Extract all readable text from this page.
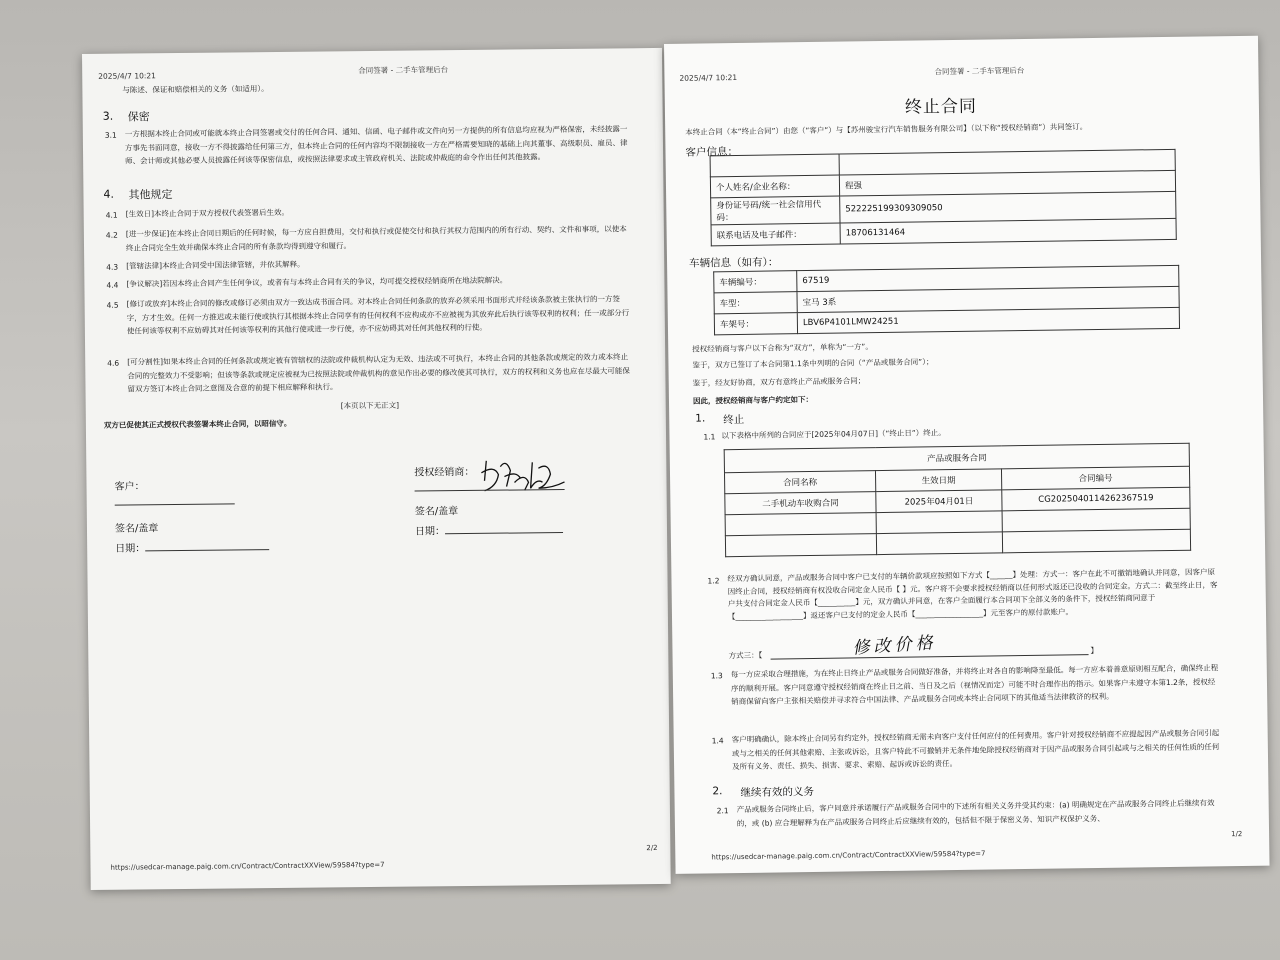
2025/4/7 10:21
合同签署 - 二手车管理后台
与陈述、保证和赔偿相关的义务（如适用）。
3. 保密
3.1 一方根据本终止合同或可能就本终止合同签署或交付的任何合同、通知、信函、电子邮件或文件向另一方提供的所有信息均应视为严格保密，未经披露一方事先书面同意，接收一方不得披露给任何第三方，但本终止合同的任何内容均不限制接收一方在严格需要知晓的基础上向其董事、高级职员、雇员、律师、会计师或其他必要人员披露任何该等保密信息，或按照法律要求或主管政府机关、法院或仲裁庭的命令作出任何其他披露。
4. 其他规定
4.1 [生效日]本终止合同于双方授权代表签署后生效。
4.2 [进一步保证]在本终止合同日期后的任何时候，每一方应自担费用，交付和执行或促使交付和执行其权力范围内的所有行动、契约、文件和事项，以使本终止合同完全生效并确保本终止合同的所有条款均得到遵守和履行。
4.3 [管辖法律]本终止合同受中国法律管辖，并依其解释。
4.4 [争议解决]若因本终止合同产生任何争议，或者有与本终止合同有关的争议，均可提交授权经销商所在地法院解决。
4.5 [修订或放弃]本终止合同的修改或修订必须由双方一致达成书面合同。对本终止合同任何条款的放弃必须采用书面形式并经该条款被主张执行的一方签字，方才生效。任何一方推迟或未能行使或执行其根据本终止合同享有的任何权利不应构成亦不应被视为其放弃此后执行该等权利的权利；任一或部分行使任何该等权利不应妨碍其对任何该等权利的其他行使或进一步行使，亦不应妨碍其对任何其他权利的行使。
4.6 [可分割性]如果本终止合同的任何条款或规定被有管辖权的法院或仲裁机构认定为无效、违法或不可执行，本终止合同的其他条款或规定的效力或本终止合同的完整效力不受影响；但该等条款或规定应被视为已按照法院或仲裁机构的意见作出必要的修改使其可执行，双方的权利和义务也应在尽最大可能保留双方签订本终止合同之意图及合意的前提下相应解释和执行。
[本页以下无正文]
双方已促使其正式授权代表签署本终止合同，以昭信守。
客户：
签名/盖章
日期：
授权经销商：
签名/盖章
日期：
https://usedcar-manage.paig.com.cn/Contract/ContractXXView/59584?type=7
2/2
2025/4/7 10:21
合同签署 - 二手车管理后台
终止合同
本终止合同（本“终止合同”）由您（“客户”）与【苏州骏宝行汽车销售服务有限公司】（以下称“授权经销商”）共同签订。
客户信息：

个人姓名/企业名称：	程强
身份证号码/统一社会信用代码：	522225199309309050
联系电话及电子邮件：	18706131464
车辆信息（如有）：
车辆编号：	67519
车型：	宝马 3系
车架号：	LBV6P4101LMW24251
授权经销商与客户以下合称为“双方”，单称为“一方”。
鉴于，双方已签订了本合同第1.1条中列明的合同（“产品或服务合同”）；
鉴于，经友好协商，双方有意终止产品或服务合同；
因此，授权经销商与客户约定如下：
1. 终止
1.1 以下表格中所列的合同应于[2025年04月07日]（“终止日”）终止。
产品或服务合同		
合同名称	生效日期	合同编号
二手机动车收购合同	2025年04月01日	CG2025040114262367519

1.2 经双方确认同意，产品或服务合同中客户已支付的车辆价款项应按照如下方式【______】处理：方式一：客户在此不可撤销地确认并同意，因客户原因终止合同，授权经销商有权没收合同定金人民币【 】元。客户将不会要求授权经销商以任何形式返还已没收的合同定金。方式二：截至终止日，客户共支付合同定金人民币【__________】元，双方确认并同意，在客户全面履行本合同项下全部义务的条件下，授权经销商同意于【__________________】返还客户已支付的定金人民币【__________________】元至客户的原付款账户。
方式三：【	修改价格	】
1.3 每一方应采取合理措施，为在终止日终止产品或服务合同做好准备，并将终止对各自的影响降至最低。每一方应本着善意原则相互配合，确保终止程序的顺利开展。客户同意遵守授权经销商在终止日之前、当日及之后（视情况而定）可能不时合理作出的指示。如果客户未遵守本第1.2条，授权经销商保留向客户主张相关赔偿并寻求符合中国法律、产品或服务合同或本终止合同项下的其他适当法律救济的权利。
1.4 客户明确确认，除本终止合同另有约定外，授权经销商无需未向客户支付任何应付的任何费用。客户针对授权经销商不应提起因产品或服务合同引起或与之相关的任何其他索赔、主张或诉讼，且客户特此不可撤销并无条件地免除授权经销商对于因产品或服务合同引起或与之相关的任何性质的任何及所有义务、责任、损失、损害、要求、索赔、起诉或诉讼的责任。
2. 继续有效的义务
2.1 产品或服务合同终止后，客户同意并承诺履行产品或服务合同中的下述所有相关义务并受其约束：(a) 明确规定在产品或服务合同终止后继续有效的，或 (b) 应合理解释为在产品或服务合同终止后应继续有效的，包括但不限于保密义务、知识产权保护义务、
https://usedcar-manage.paig.com.cn/Contract/ContractXXView/59584?type=7
1/2
